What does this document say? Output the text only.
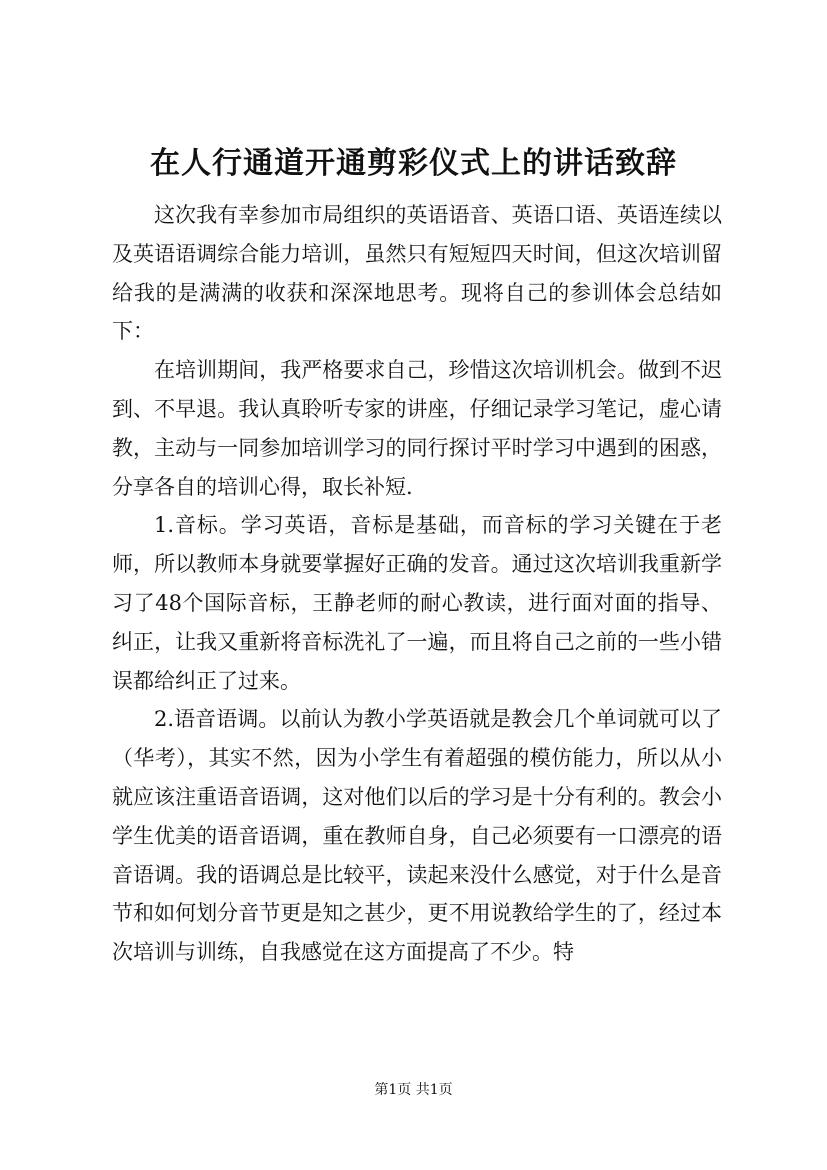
在人行通道开通剪彩仪式上的讲话致辞

这次我有幸参加市局组织的英语语音、英语口语、英语连续以及英语语调综合能力培训，虽然只有短短四天时间，但这次培训留给我的是满满的收获和深深地思考。现将自己的参训体会总结如下：

在培训期间，我严格要求自己，珍惜这次培训机会。做到不迟到、不早退。我认真聆听专家的讲座，仔细记录学习笔记，虚心请教，主动与一同参加培训学习的同行探讨平时学习中遇到的困惑，分享各自的培训心得，取长补短.

1.音标。学习英语，音标是基础，而音标的学习关键在于老师，所以教师本身就要掌握好正确的发音。通过这次培训我重新学习了48个国际音标，王静老师的耐心教读，进行面对面的指导、纠正，让我又重新将音标洗礼了一遍，而且将自己之前的一些小错误都给纠正了过来。

2.语音语调。以前认为教小学英语就是教会几个单词就可以了（华考），其实不然，因为小学生有着超强的模仿能力，所以从小就应该注重语音语调，这对他们以后的学习是十分有利的。教会小学生优美的语音语调，重在教师自身，自己必须要有一口漂亮的语音语调。我的语调总是比较平，读起来没什么感觉，对于什么是音节和如何划分音节更是知之甚少，更不用说教给学生的了，经过本次培训与训练，自我感觉在这方面提高了不少。特

第1页 共1页
